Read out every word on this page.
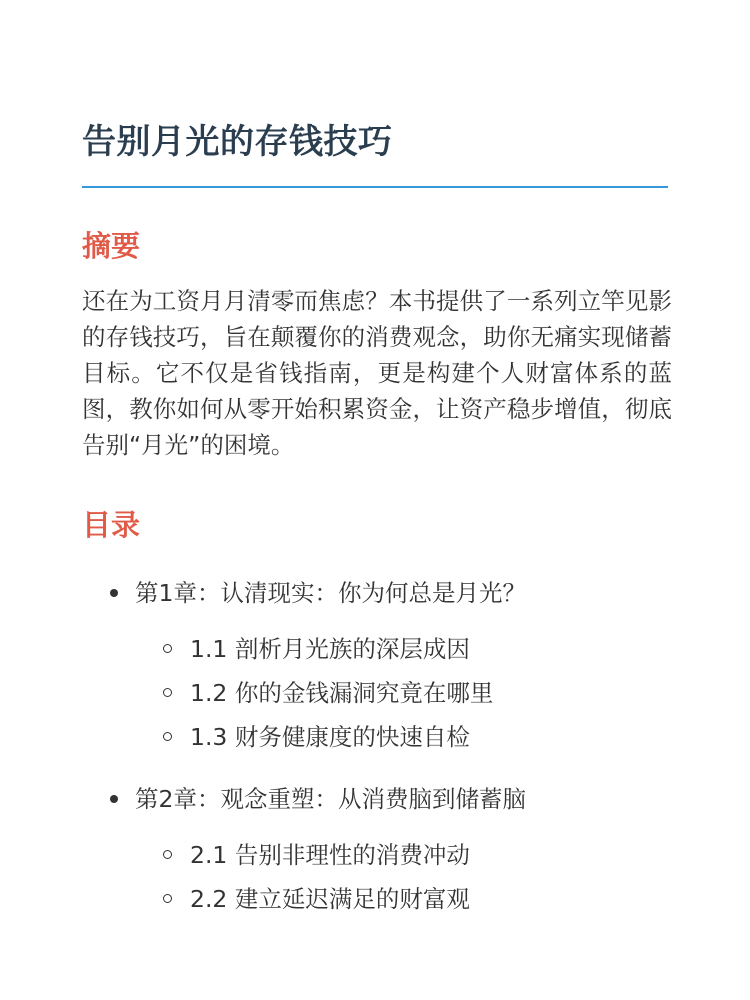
告别月光的存钱技巧
摘要
还在为工资月月清零而焦虑？本书提供了一系列立竿见影的存钱技巧，旨在颠覆你的消费观念，助你无痛实现储蓄目标。它不仅是省钱指南，更是构建个人财富体系的蓝图，教你如何从零开始积累资金，让资产稳步增值，彻底告别“月光”的困境。
目录
第1章：认清现实：你为何总是月光？
1.1 剖析月光族的深层成因
1.2 你的金钱漏洞究竟在哪里
1.3 财务健康度的快速自检
第2章：观念重塑：从消费脑到储蓄脑
2.1 告别非理性的消费冲动
2.2 建立延迟满足的财富观
